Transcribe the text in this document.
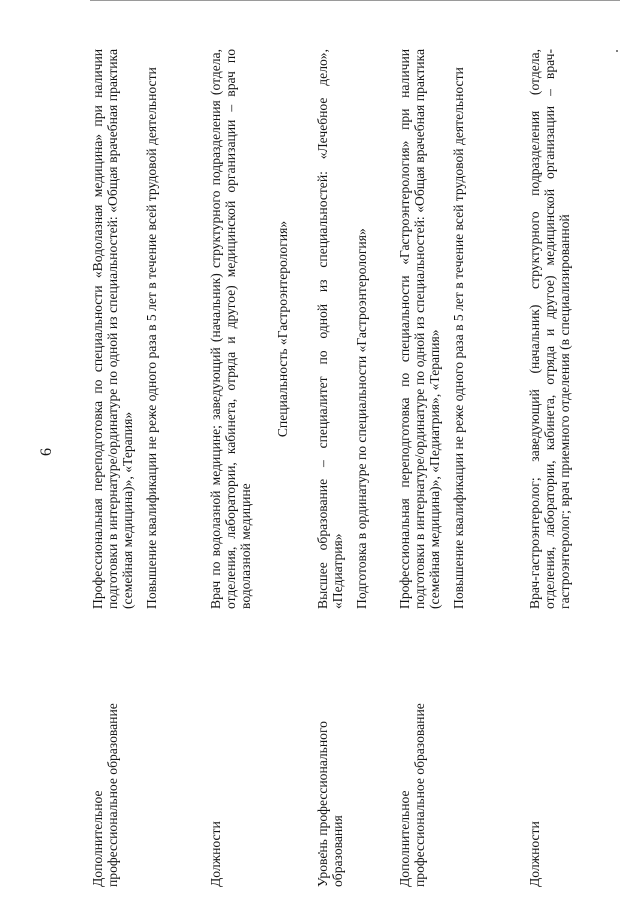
6
Дополнительное профессиональное образование

Профессиональная переподготовка по специальности «Водолазная медицина» при наличии подготовки в интернатуре/ординатуре по одной из специальностей: «Общая врачебная практика (семейная медицина)», «Терапия» Повышение квалификации не реже одного раза в 5 лет в течение всей трудовой деятельности

Должности

Врач по водолазной медицине; заведующий (начальник) структурного подразделения (отдела, отделения, лаборатории, кабинета, отряда и другое) медицинской организации – врач по водолазной медицине

Специальность «Гастроэнтерология»
Уровень профессионального образования

Высшее образование – специалитет по одной из специальностей: «Лечебное дело», «Педиатрия» Подготовка в ординатуре по специальности «Гастроэнтерология»

Дополнительное профессиональное образование

Профессиональная переподготовка по специальности «Гастроэнтерология» при наличии подготовки в интернатуре/ординатуре по одной из специальностей: «Общая врачебная практика (семейная медицина)», «Педиатрия», «Терапия» Повышение квалификации не реже одного раза в 5 лет в течение всей трудовой деятельности

Должности

Врач-гастроэнтеролог; заведующий (начальник) структурного подразделения (отдела, отделения, лаборатории, кабинета, отряда и другое) медицинской организации – врач-гастроэнтеролог; врач приемного отделения (в специализированной
